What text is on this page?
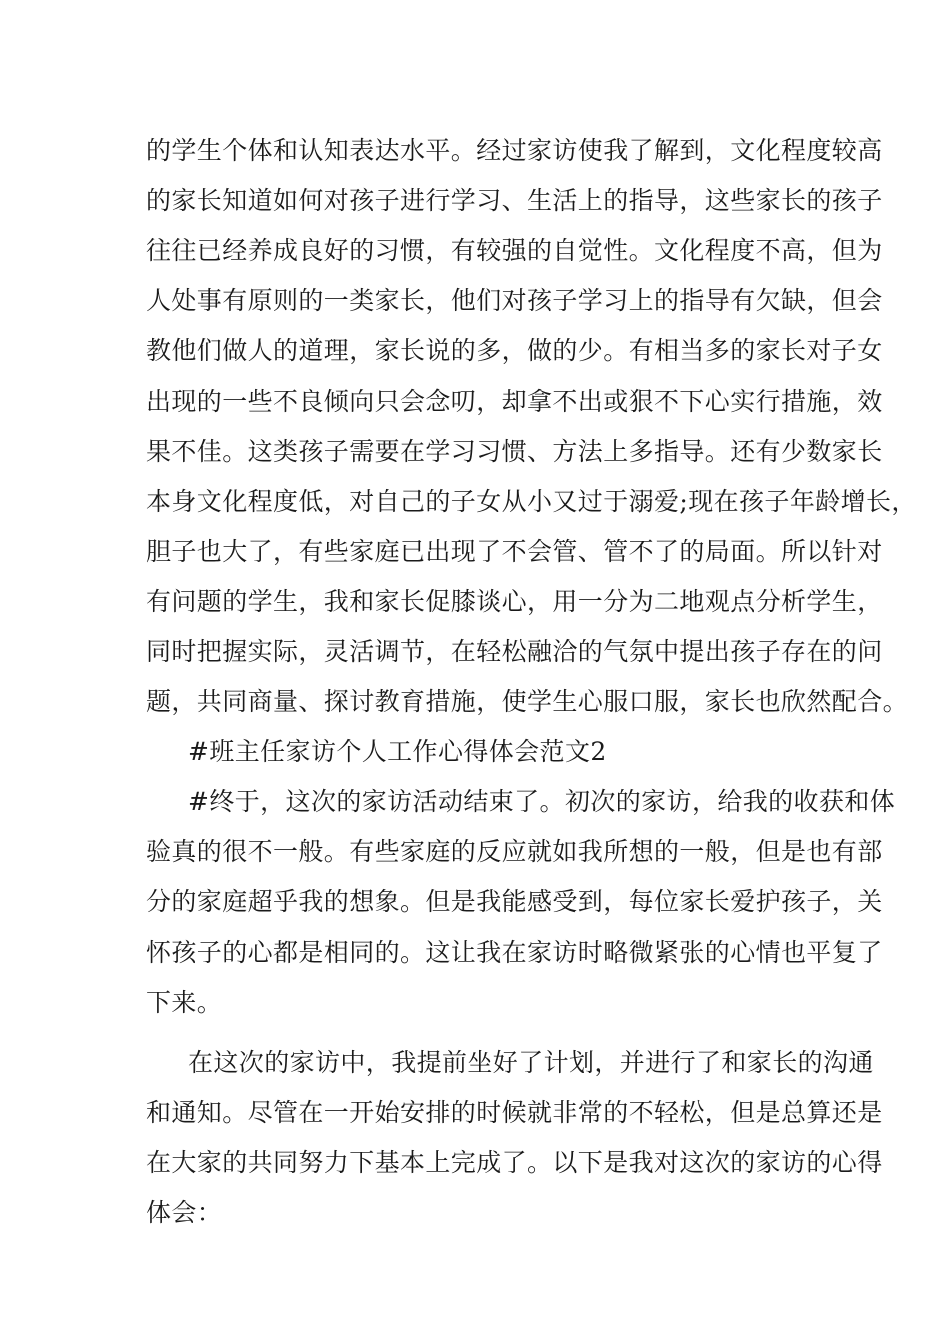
的学生个体和认知表达水平。经过家访使我了解到，文化程度较高
的家长知道如何对孩子进行学习、生活上的指导，这些家长的孩子
往往已经养成良好的习惯，有较强的自觉性。文化程度不高，但为
人处事有原则的一类家长，他们对孩子学习上的指导有欠缺，但会
教他们做人的道理，家长说的多，做的少。有相当多的家长对子女
出现的一些不良倾向只会念叨，却拿不出或狠不下心实行措施，效
果不佳。这类孩子需要在学习习惯、方法上多指导。还有少数家长
本身文化程度低，对自己的子女从小又过于溺爱;现在孩子年龄增长，
胆子也大了，有些家庭已出现了不会管、管不了的局面。所以针对
有问题的学生，我和家长促膝谈心，用一分为二地观点分析学生，
同时把握实际，灵活调节，在轻松融洽的气氛中提出孩子存在的问
题，共同商量、探讨教育措施，使学生心服口服，家长也欣然配合。
#班主任家访个人工作心得体会范文2
#终于，这次的家访活动结束了。初次的家访，给我的收获和体
验真的很不一般。有些家庭的反应就如我所想的一般，但是也有部
分的家庭超乎我的想象。但是我能感受到，每位家长爱护孩子，关
怀孩子的心都是相同的。这让我在家访时略微紧张的心情也平复了
下来。
在这次的家访中，我提前坐好了计划，并进行了和家长的沟通
和通知。尽管在一开始安排的时候就非常的不轻松，但是总算还是
在大家的共同努力下基本上完成了。以下是我对这次的家访的心得
体会：
